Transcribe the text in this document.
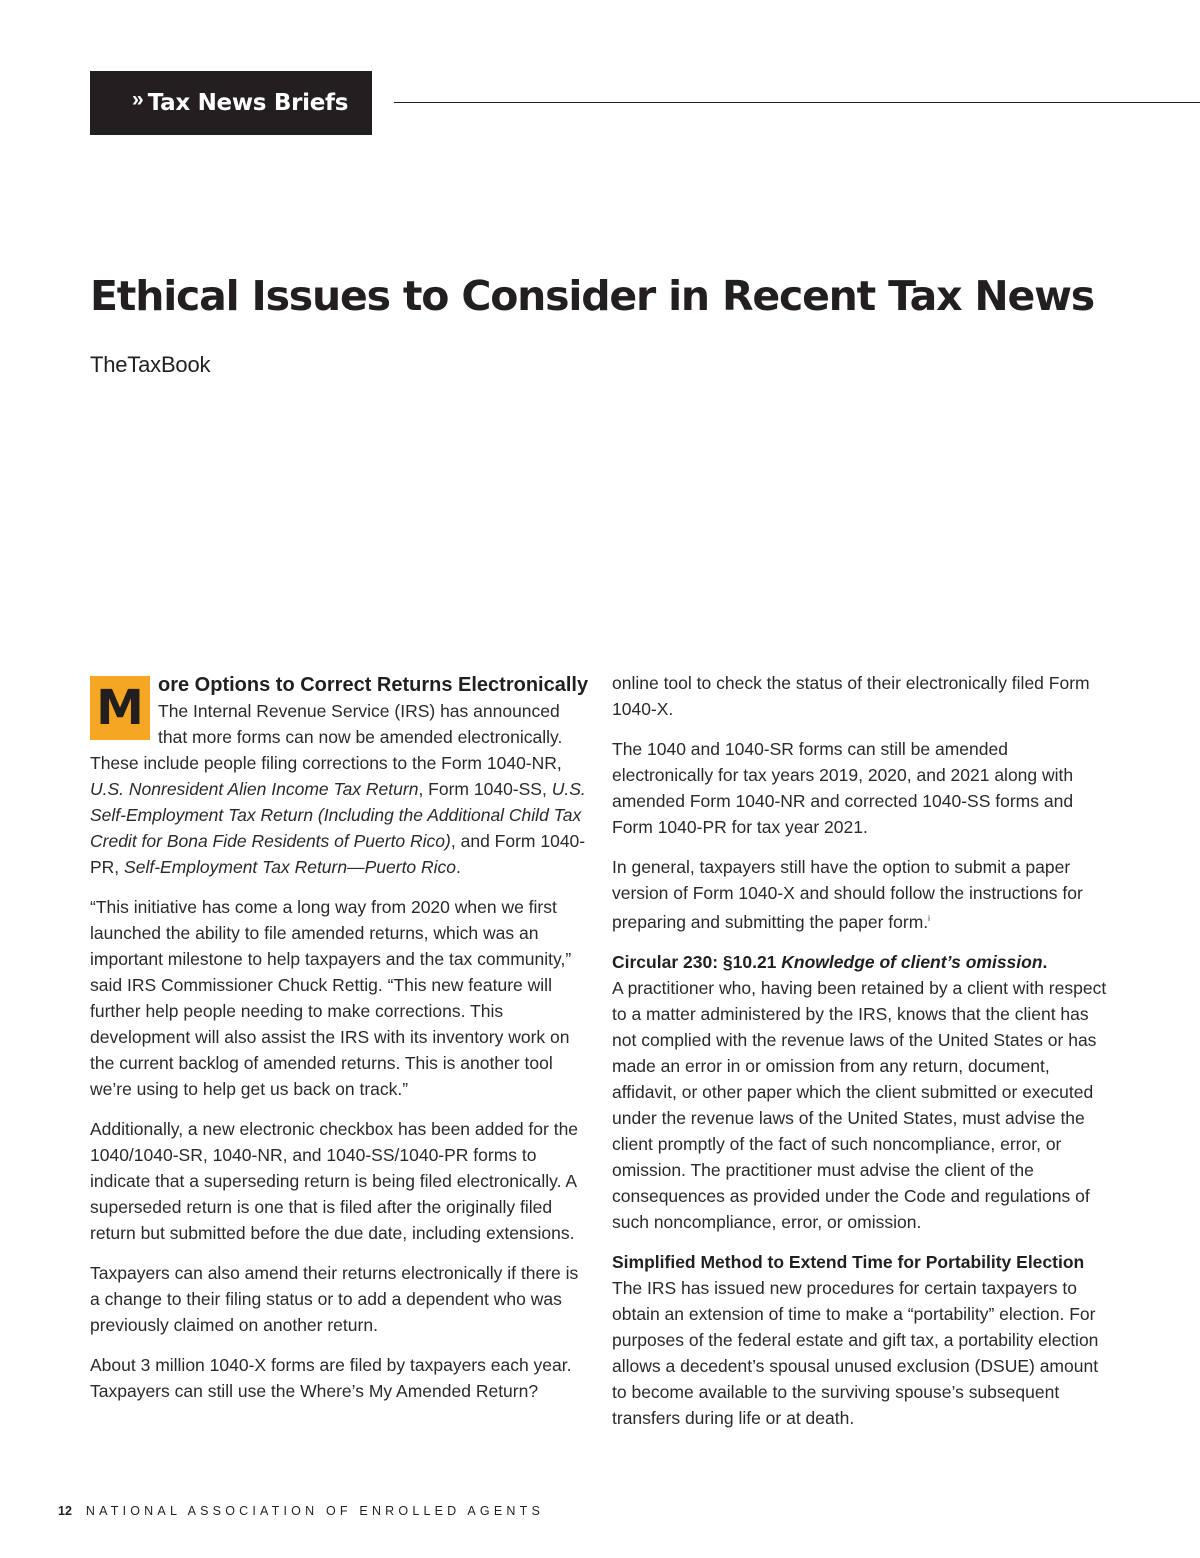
» Tax News Briefs
Ethical Issues to Consider in Recent Tax News
TheTaxBook

M ore Options to Correct Returns Electronically
The Internal Revenue Service (IRS) has announced that more forms can now be amended electronically. These include people filing corrections to the Form 1040-NR, U.S. Nonresident Alien Income Tax Return, Form 1040-SS, U.S. Self-Employment Tax Return (Including the Additional Child Tax Credit for Bona Fide Residents of Puerto Rico), and Form 1040-PR, Self-Employment Tax Return—Puerto Rico.

“This initiative has come a long way from 2020 when we first launched the ability to file amended returns, which was an important milestone to help taxpayers and the tax community,” said IRS Commissioner Chuck Rettig. “This new feature will further help people needing to make corrections. This development will also assist the IRS with its inventory work on the current backlog of amended returns. This is another tool we’re using to help get us back on track.”

Additionally, a new electronic checkbox has been added for the 1040/1040-SR, 1040-NR, and 1040-SS/1040-PR forms to indicate that a superseding return is being filed electronically. A superseded return is one that is filed after the originally filed return but submitted before the due date, including extensions.

Taxpayers can also amend their returns electronically if there is a change to their filing status or to add a dependent who was previously claimed on another return.

About 3 million 1040-X forms are filed by taxpayers each year. Taxpayers can still use the Where’s My Amended Return?

online tool to check the status of their electronically filed Form 1040-X.

The 1040 and 1040-SR forms can still be amended electronically for tax years 2019, 2020, and 2021 along with amended Form 1040-NR and corrected 1040-SS forms and Form 1040-PR for tax year 2021.

In general, taxpayers still have the option to submit a paper version of Form 1040-X and should follow the instructions for preparing and submitting the paper form.$^i$

Circular 230: §10.21 Knowledge of client’s omission.
A practitioner who, having been retained by a client with respect to a matter administered by the IRS, knows that the client has not complied with the revenue laws of the United States or has made an error in or omission from any return, document, affidavit, or other paper which the client submitted or executed under the revenue laws of the United States, must advise the client promptly of the fact of such noncompliance, error, or omission. The practitioner must advise the client of the consequences as provided under the Code and regulations of such noncompliance, error, or omission.

Simplified Method to Extend Time for Portability Election
The IRS has issued new procedures for certain taxpayers to obtain an extension of time to make a “portability” election. For purposes of the federal estate and gift tax, a portability election allows a decedent’s spousal unused exclusion (DSUE) amount to become available to the surviving spouse’s subsequent transfers during life or at death.

12 NATIONAL ASSOCIATION OF ENROLLED AGENTS
